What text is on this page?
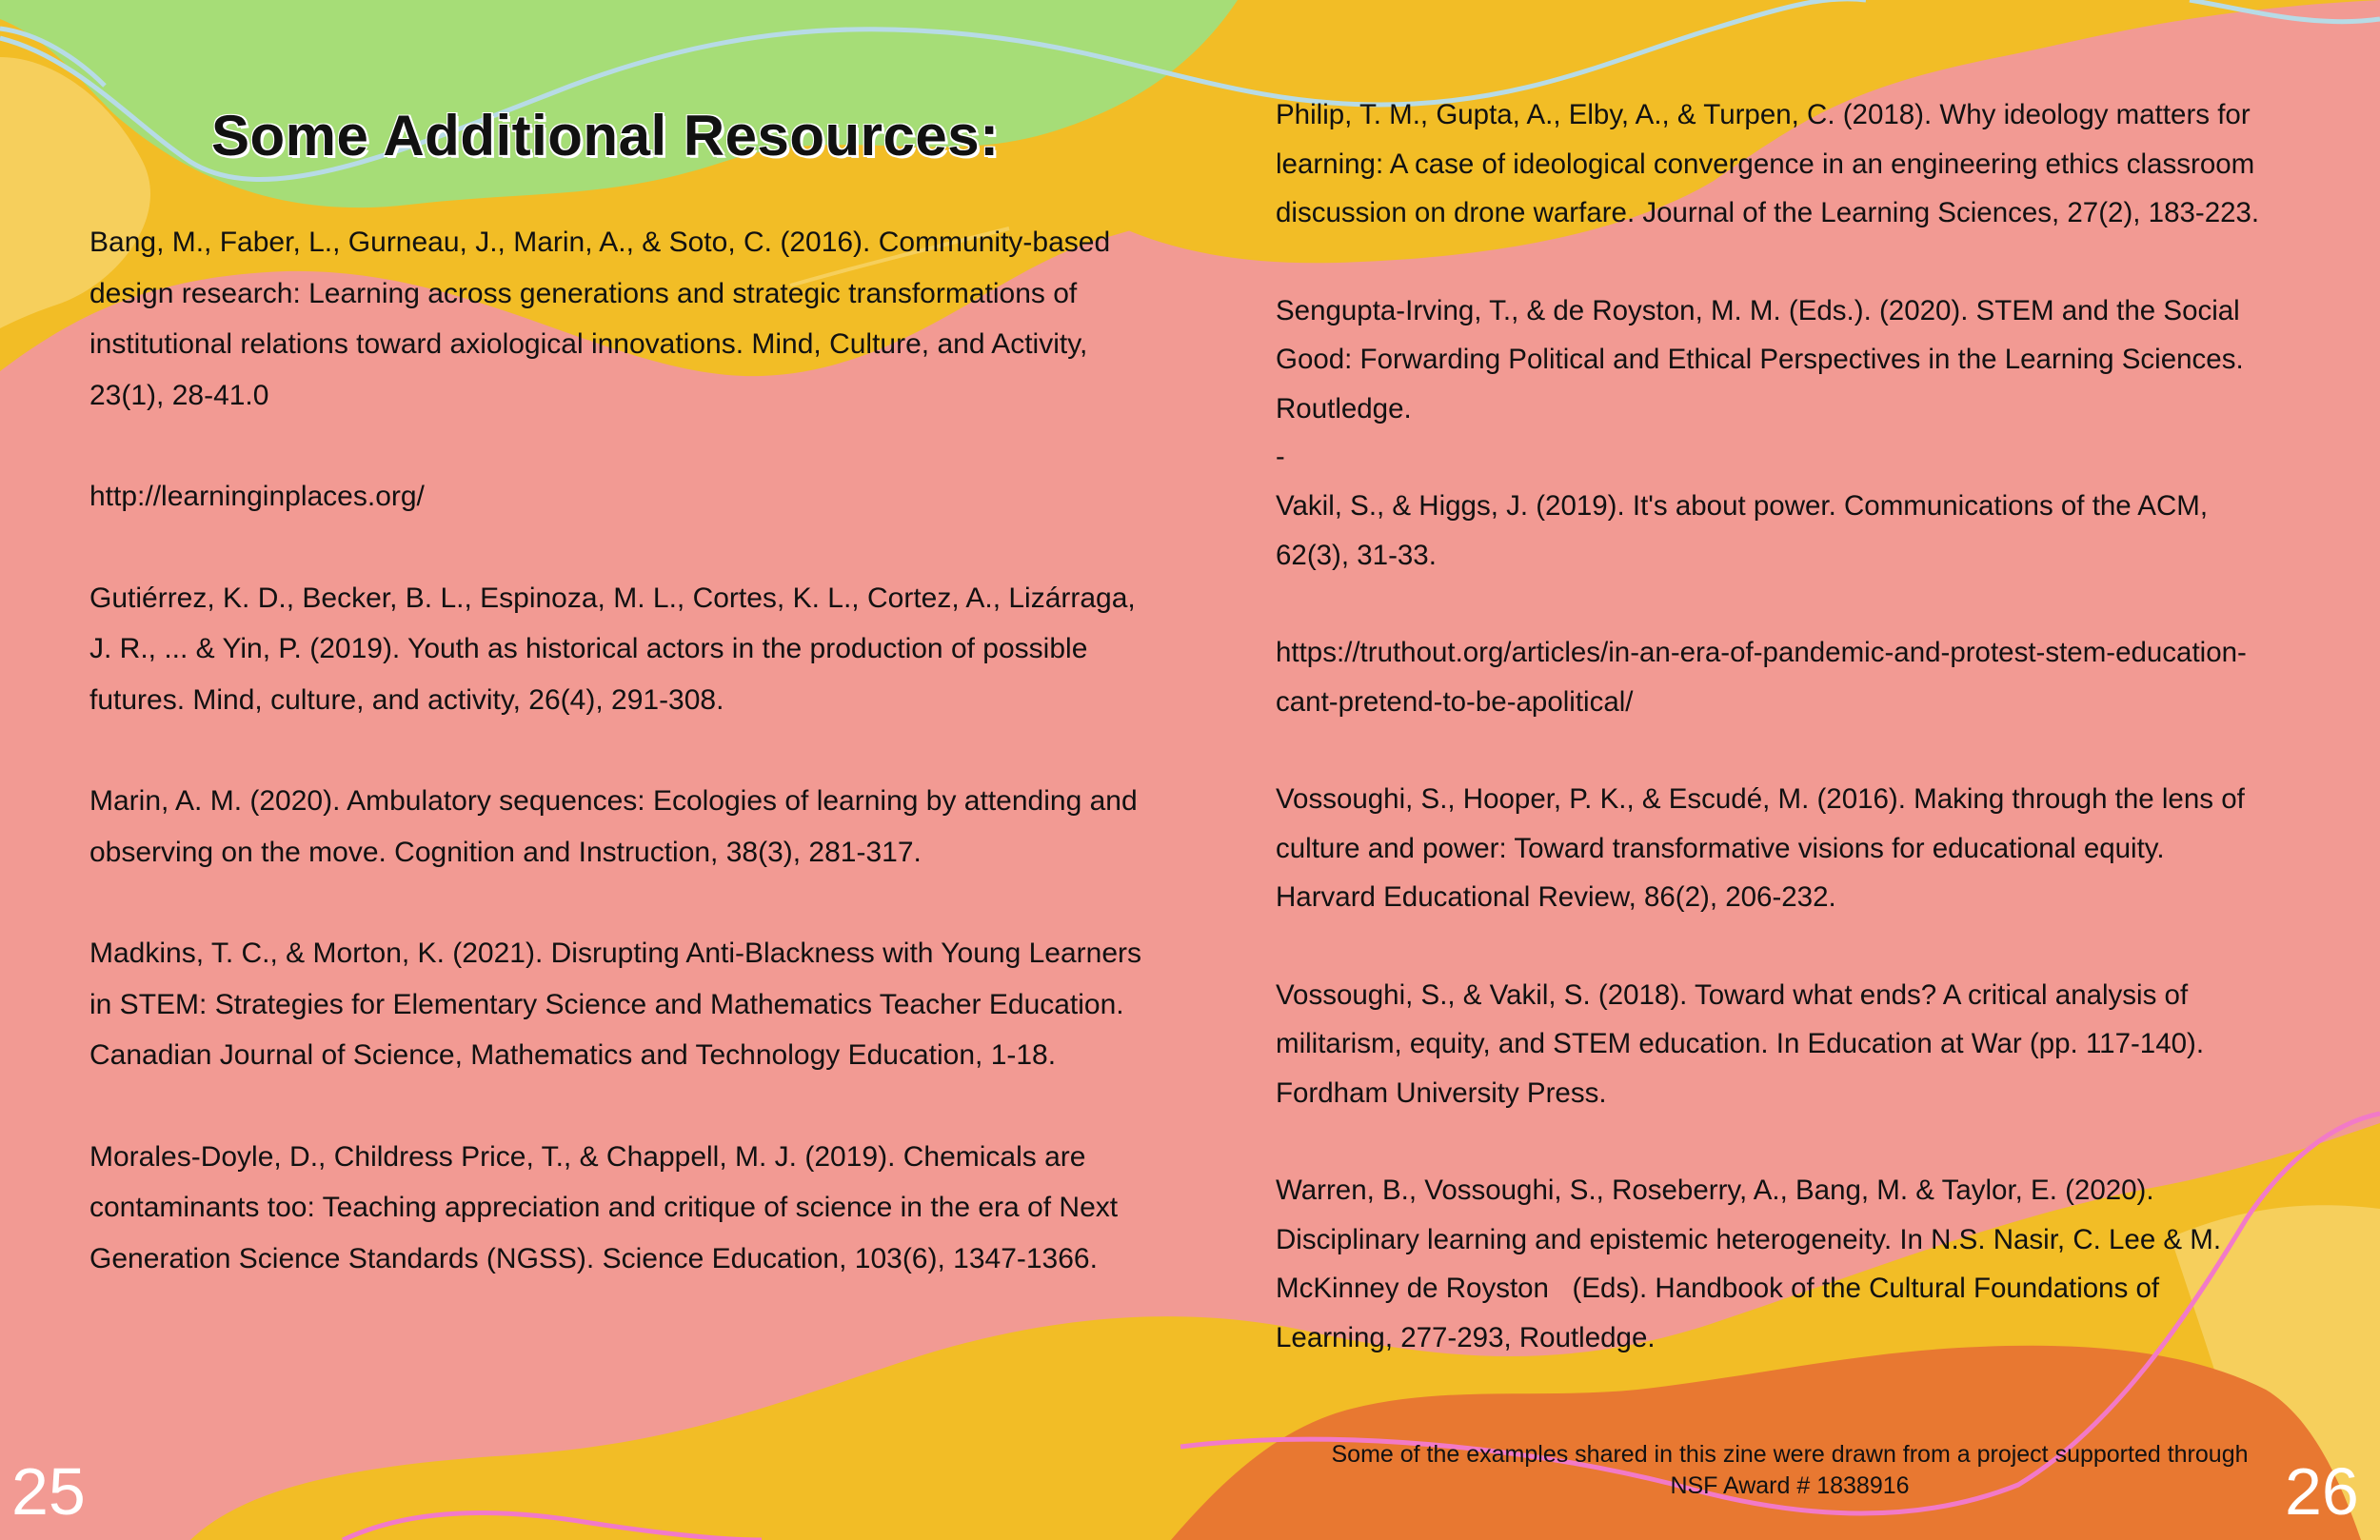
Some Additional Resources:

Bang, M., Faber, L., Gurneau, J., Marin, A., & Soto, C. (2016). Community-based design research: Learning across generations and strategic transformations of institutional relations toward axiological innovations. Mind, Culture, and Activity, 23(1), 28-41.0

http://learninginplaces.org/

Gutiérrez, K. D., Becker, B. L., Espinoza, M. L., Cortes, K. L., Cortez, A., Lizárraga, J. R., ... & Yin, P. (2019). Youth as historical actors in the production of possible futures. Mind, culture, and activity, 26(4), 291-308.

Marin, A. M. (2020). Ambulatory sequences: Ecologies of learning by attending and observing on the move. Cognition and Instruction, 38(3), 281-317.

Madkins, T. C., & Morton, K. (2021). Disrupting Anti-Blackness with Young Learners in STEM: Strategies for Elementary Science and Mathematics Teacher Education. Canadian Journal of Science, Mathematics and Technology Education, 1-18.

Morales-Doyle, D., Childress Price, T., & Chappell, M. J. (2019). Chemicals are contaminants too: Teaching appreciation and critique of science in the era of Next Generation Science Standards (NGSS). Science Education, 103(6), 1347-1366.

Philip, T. M., Gupta, A., Elby, A., & Turpen, C. (2018). Why ideology matters for learning: A case of ideological convergence in an engineering ethics classroom discussion on drone warfare. Journal of the Learning Sciences, 27(2), 183-223.

Sengupta-Irving, T., & de Royston, M. M. (Eds.). (2020). STEM and the Social Good: Forwarding Political and Ethical Perspectives in the Learning Sciences. Routledge.

-

Vakil, S., & Higgs, J. (2019). It's about power. Communications of the ACM, 62(3), 31-33.

https://truthout.org/articles/in-an-era-of-pandemic-and-protest-stem-education-cant-pretend-to-be-apolitical/

Vossoughi, S., Hooper, P. K., & Escudé, M. (2016). Making through the lens of culture and power: Toward transformative visions for educational equity. Harvard Educational Review, 86(2), 206-232.

Vossoughi, S., & Vakil, S. (2018). Toward what ends? A critical analysis of militarism, equity, and STEM education. In Education at War (pp. 117-140). Fordham University Press.

Warren, B., Vossoughi, S., Roseberry, A., Bang, M. & Taylor, E. (2020). Disciplinary learning and epistemic heterogeneity. In N.S. Nasir, C. Lee & M. McKinney de Royston   (Eds). Handbook of the Cultural Foundations of Learning, 277-293, Routledge.

Some of the examples shared in this zine were drawn from a project supported through NSF Award # 1838916

25	26
